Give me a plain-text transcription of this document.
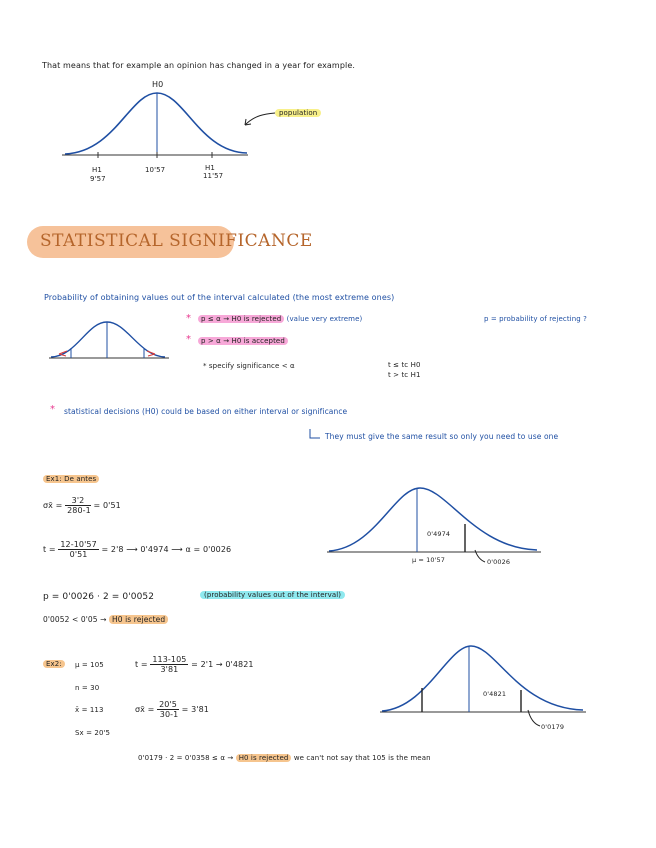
That means that for example an opinion has changed in a year for example.
H0
population
H1
9'57
10'57	H1
11'57
STATISTICAL SIGNIFICANCE
Probability of obtaining values out of the interval calculated (the most extreme ones)
*	p ≤ α → H0 is rejected (value very extreme)	p = probability of rejecting ?
*	p > α → H0 is accepted
* specify significance < α	t ≤ tc H0
t > tc H1
* statistical decisions (H0) could be based on either interval or significance
They must give the same result so only you need to use one
Ex1: De antes
σx̄ = $\frac{3'2}{280-1} = 0'51$
$t = \frac{12-10'57}{0'51} = 2'8$ ⟶ 0'4974 ⟶ α = 0'0026
0'4974
μ = 10'57	0'0026
p = 0'0026 · 2 = 0'0052	(probability values out of the interval)
0'0052 < 0'05 → H0 is rejected
Ex2:	μ = 105
n = 30
x̄ = 113
Sx = 20'5
$t = \frac{113-105}{3'81} = 2'1 \to 0'4821$
σx̄ = $\frac{20'5}{30-1} = 3'81$
0'4821
0'0179
0'0179 · 2 = 0'0358 ≤ α → H0 is rejected we can't not say that 105 is the mean
